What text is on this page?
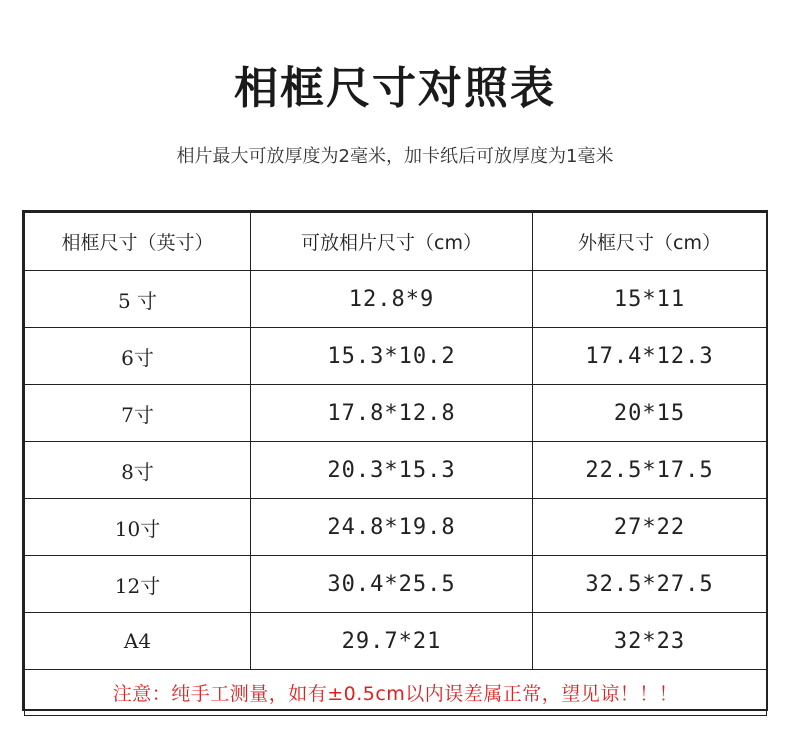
相框尺寸对照表
相片最大可放厚度为2毫米，加卡纸后可放厚度为1毫米
相框尺寸（英寸）	可放相片尺寸（cm）	外框尺寸（cm）
5 寸	12.8*9	15*11
6寸	15.3*10.2	17.4*12.3
7寸	17.8*12.8	20*15
8寸	20.3*15.3	22.5*17.5
10寸	24.8*19.8	27*22
12寸	30.4*25.5	32.5*27.5
A4	29.7*21	32*23
注意：纯手工测量，如有±0.5cm以内误差属正常，望见谅！！！		
